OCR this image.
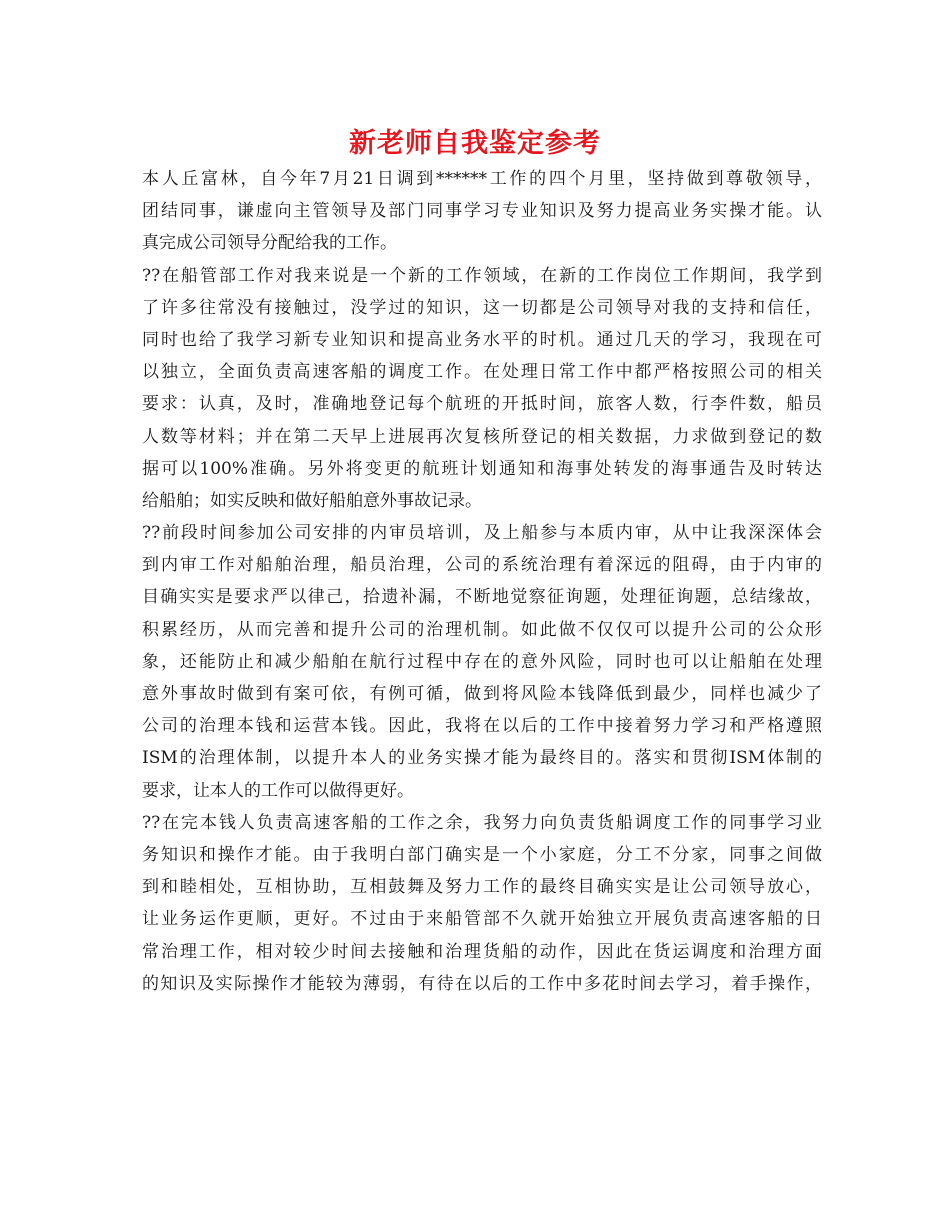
新老师自我鉴定参考
本人丘富林，自今年7月21日调到******工作的四个月里，坚持做到尊敬领导，
团结同事，谦虚向主管领导及部门同事学习专业知识及努力提高业务实操才能。认
真完成公司领导分配给我的工作。
??在船管部工作对我来说是一个新的工作领域，在新的工作岗位工作期间，我学到
了许多往常没有接触过，没学过的知识，这一切都是公司领导对我的支持和信任，
同时也给了我学习新专业知识和提高业务水平的时机。通过几天的学习，我现在可
以独立，全面负责高速客船的调度工作。在处理日常工作中都严格按照公司的相关
要求：认真，及时，准确地登记每个航班的开抵时间，旅客人数，行李件数，船员
人数等材料；并在第二天早上进展再次复核所登记的相关数据，力求做到登记的数
据可以100%准确。另外将变更的航班计划通知和海事处转发的海事通告及时转达
给船舶；如实反映和做好船舶意外事故记录。
??前段时间参加公司安排的内审员培训，及上船参与本质内审，从中让我深深体会
到内审工作对船舶治理，船员治理，公司的系统治理有着深远的阻碍，由于内审的
目确实实是要求严以律己，拾遗补漏，不断地觉察征询题，处理征询题，总结缘故，
积累经历，从而完善和提升公司的治理机制。如此做不仅仅可以提升公司的公众形
象，还能防止和减少船舶在航行过程中存在的意外风险，同时也可以让船舶在处理
意外事故时做到有案可依，有例可循，做到将风险本钱降低到最少，同样也减少了
公司的治理本钱和运营本钱。因此，我将在以后的工作中接着努力学习和严格遵照
ISM的治理体制，以提升本人的业务实操才能为最终目的。落实和贯彻ISM体制的
要求，让本人的工作可以做得更好。
??在完本钱人负责高速客船的工作之余，我努力向负责货船调度工作的同事学习业
务知识和操作才能。由于我明白部门确实是一个小家庭，分工不分家，同事之间做
到和睦相处，互相协助，互相鼓舞及努力工作的最终目确实实是让公司领导放心，
让业务运作更顺，更好。不过由于来船管部不久就开始独立开展负责高速客船的日
常治理工作，相对较少时间去接触和治理货船的动作，因此在货运调度和治理方面
的知识及实际操作才能较为薄弱，有待在以后的工作中多花时间去学习，着手操作，
